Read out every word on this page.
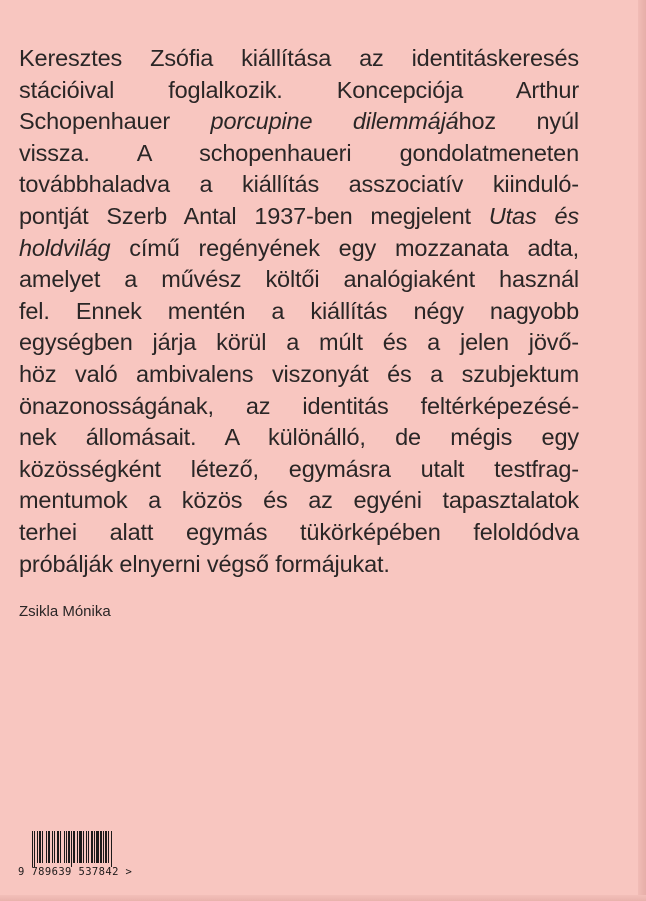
Keresztes Zsófia kiállítása az identitáskeresés
stációival foglalkozik. Koncepciója Arthur
Schopenhauer porcupine dilemmájához nyúl
vissza. A schopenhaueri gondolatmeneten
továbbhaladva a kiállítás asszociatív kiinduló-
pontját Szerb Antal 1937-ben megjelent Utas és
holdvilág című regényének egy mozzanata adta,
amelyet a művész költői analógiaként használ
fel. Ennek mentén a kiállítás négy nagyobb
egységben járja körül a múlt és a jelen jövő-
höz való ambivalens viszonyát és a szubjektum
önazonosságának, az identitás feltérképezésé-
nek állomásait. A különálló, de mégis egy
közösségként létező, egymásra utalt testfrag-
mentumok a közös és az egyéni tapasztalatok
terhei alatt egymás tükörképében feloldódva
próbálják elnyerni végső formájukat.
Zsikla Mónika
9 789639 537842 >
